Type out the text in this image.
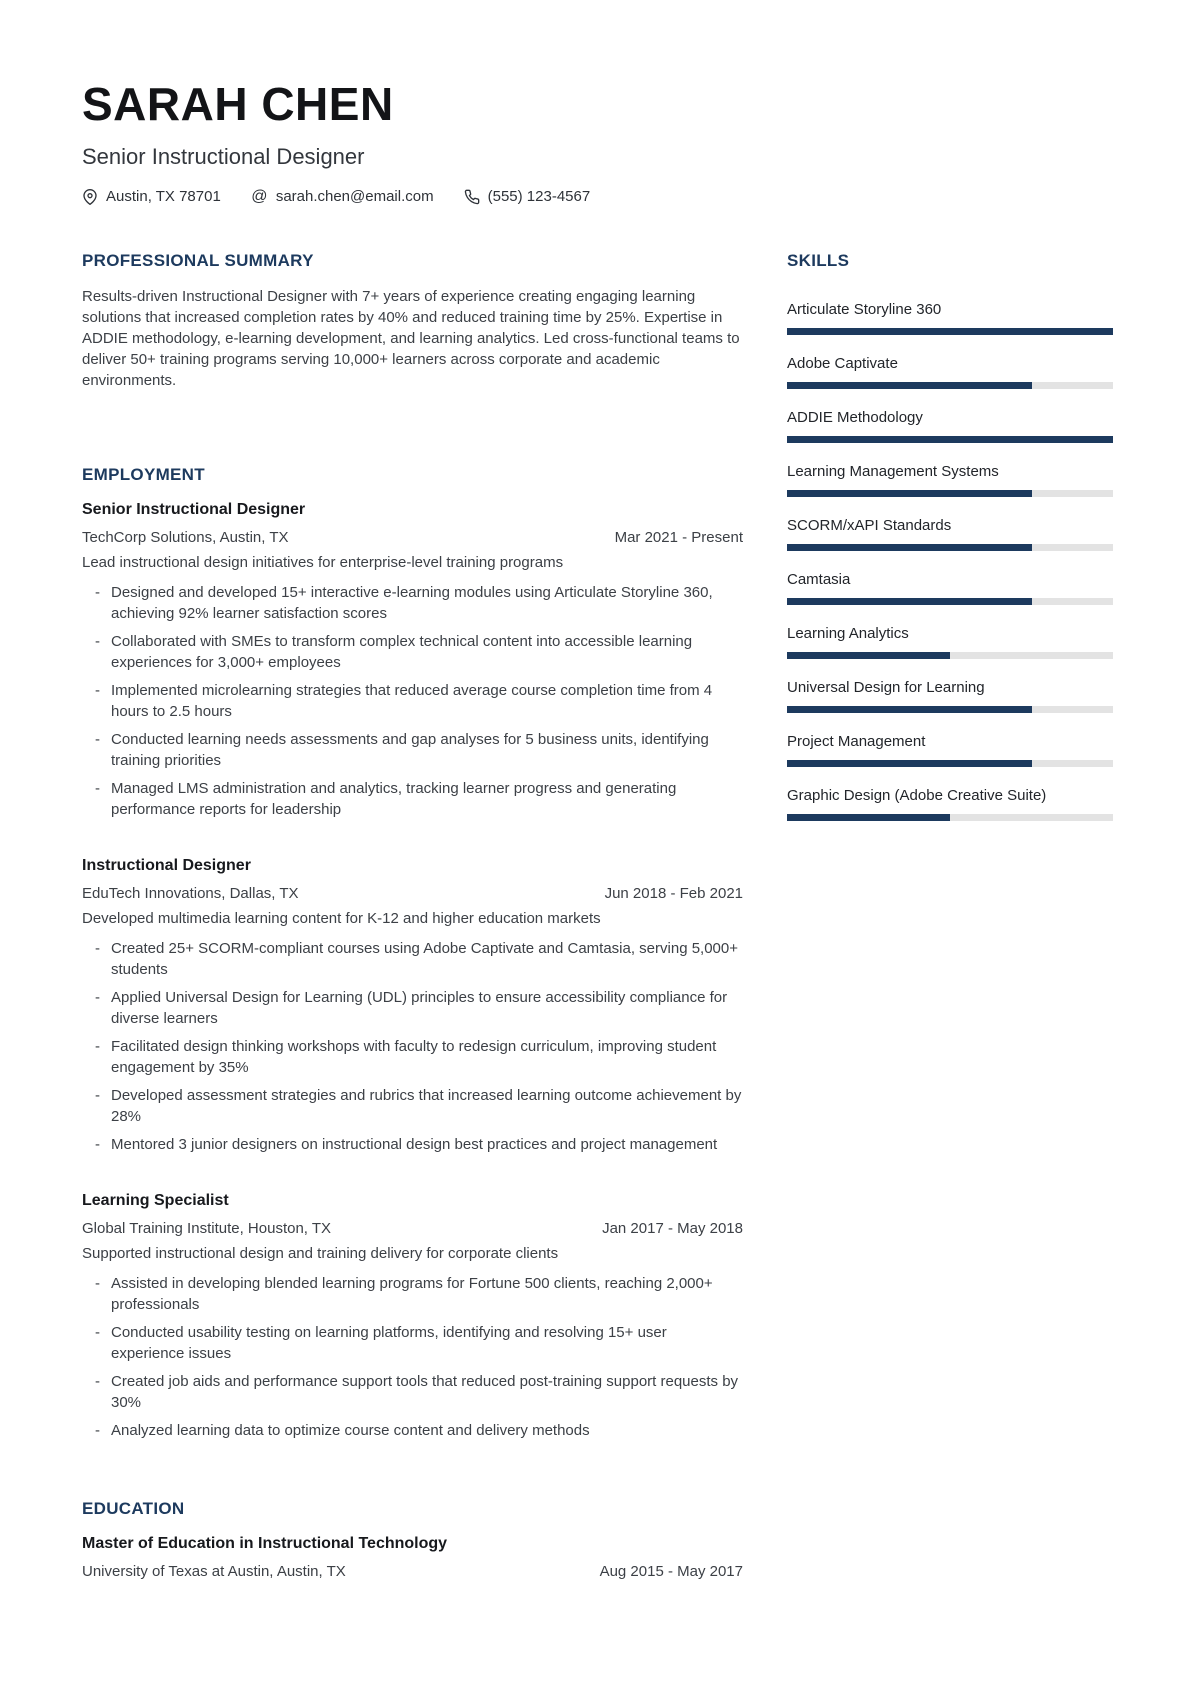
SARAH CHEN
Senior Instructional Designer
Austin, TX 78701 @	sarah.chen@email.com	(555) 123-4567
PROFESSIONAL SUMMARY

Results-driven Instructional Designer with 7+ years of experience creating engaging learning solutions that increased completion rates by 40% and reduced training time by 25%. Expertise in ADDIE methodology, e-learning development, and learning analytics. Led cross-functional teams to deliver 50+ training programs serving 10,000+ learners across corporate and academic environments.

EMPLOYMENT
Senior Instructional Designer
TechCorp Solutions, Austin, TX	Mar 2021 - Present
Lead instructional design initiatives for enterprise-level training programs
- Designed and developed 15+ interactive e-learning modules using Articulate Storyline 360, achieving 92% learner satisfaction scores
- Collaborated with SMEs to transform complex technical content into accessible learning experiences for 3,000+ employees
- Implemented microlearning strategies that reduced average course completion time from 4 hours to 2.5 hours
- Conducted learning needs assessments and gap analyses for 5 business units, identifying training priorities
- Managed LMS administration and analytics, tracking learner progress and generating performance reports for leadership
Instructional Designer
EduTech Innovations, Dallas, TX	Jun 2018 - Feb 2021
Developed multimedia learning content for K-12 and higher education markets
- Created 25+ SCORM-compliant courses using Adobe Captivate and Camtasia, serving 5,000+ students
- Applied Universal Design for Learning (UDL) principles to ensure accessibility compliance for diverse learners
- Facilitated design thinking workshops with faculty to redesign curriculum, improving student engagement by 35%
- Developed assessment strategies and rubrics that increased learning outcome achievement by 28%
- Mentored 3 junior designers on instructional design best practices and project management
Learning Specialist
Global Training Institute, Houston, TX	Jan 2017 - May 2018
Supported instructional design and training delivery for corporate clients
- Assisted in developing blended learning programs for Fortune 500 clients, reaching 2,000+ professionals
- Conducted usability testing on learning platforms, identifying and resolving 15+ user experience issues
- Created job aids and performance support tools that reduced post-training support requests by 30%
- Analyzed learning data to optimize course content and delivery methods
EDUCATION
Master of Education in Instructional Technology
University of Texas at Austin, Austin, TX	Aug 2015 - May 2017
SKILLS
Articulate Storyline 360
Adobe Captivate
ADDIE Methodology
Learning Management Systems
SCORM/xAPI Standards
Camtasia
Learning Analytics
Universal Design for Learning
Project Management
Graphic Design (Adobe Creative Suite)
